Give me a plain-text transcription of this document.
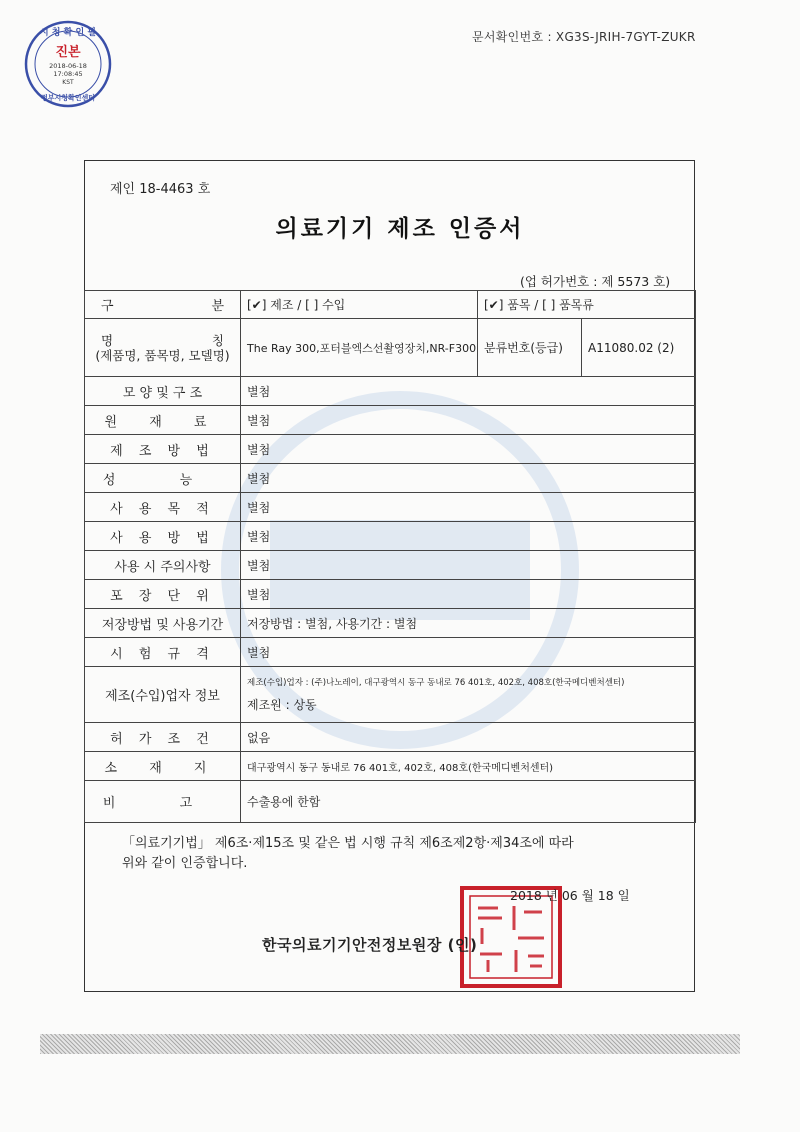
문서확인번호 : XG3S-JRIH-7GYT-ZUKR
시 청 확 인 필
진본
2018-06-18
17:08:45
KST
정부시청확인센터
제인 18-4463 호
의료기기 제조 인증서
(업 허가번호 : 제 5573 호)
구 분	[✔] 제조 / [ ] 수입	[✔] 품목 / [ ] 품목류	

명 칭
(제품명, 품목명, 모델명)	The Ray 300,포터블엑스선촬영장치,NR-F300	분류번호(등급)	A11080.02 (2)
모 양 및 구 조	별첨		
원 재 료	별첨		
제 조 방 법	별첨		
성 능	별첨		
사 용 목 적	별첨		
사 용 방 법	별첨		
사용 시 주의사항	별첨		
포 장 단 위	별첨		
저장방법 및 사용기간	저장방법 : 별첨, 사용기간 : 별첨		
시 험 규 격	별첨		
제조(수입)업자 정보	제조(수입)업자 : (주)나노레이, 대구광역시 동구 동내로 76 401호, 402호, 408호(한국메디벤처센터)
제조원 : 상동		

허 가 조 건	없음		
소 재 지	대구광역시 동구 동내로 76 401호, 402호, 408호(한국메디벤처센터)		
비 고	수출용에 한함		
「의료기기법」 제6조·제15조 및 같은 법 시행 규칙 제6조제2항·제34조에 따라
위와 같이 인증합니다.
2018 년 06 월 18 일
한국의료기기안전정보원장 (인)
